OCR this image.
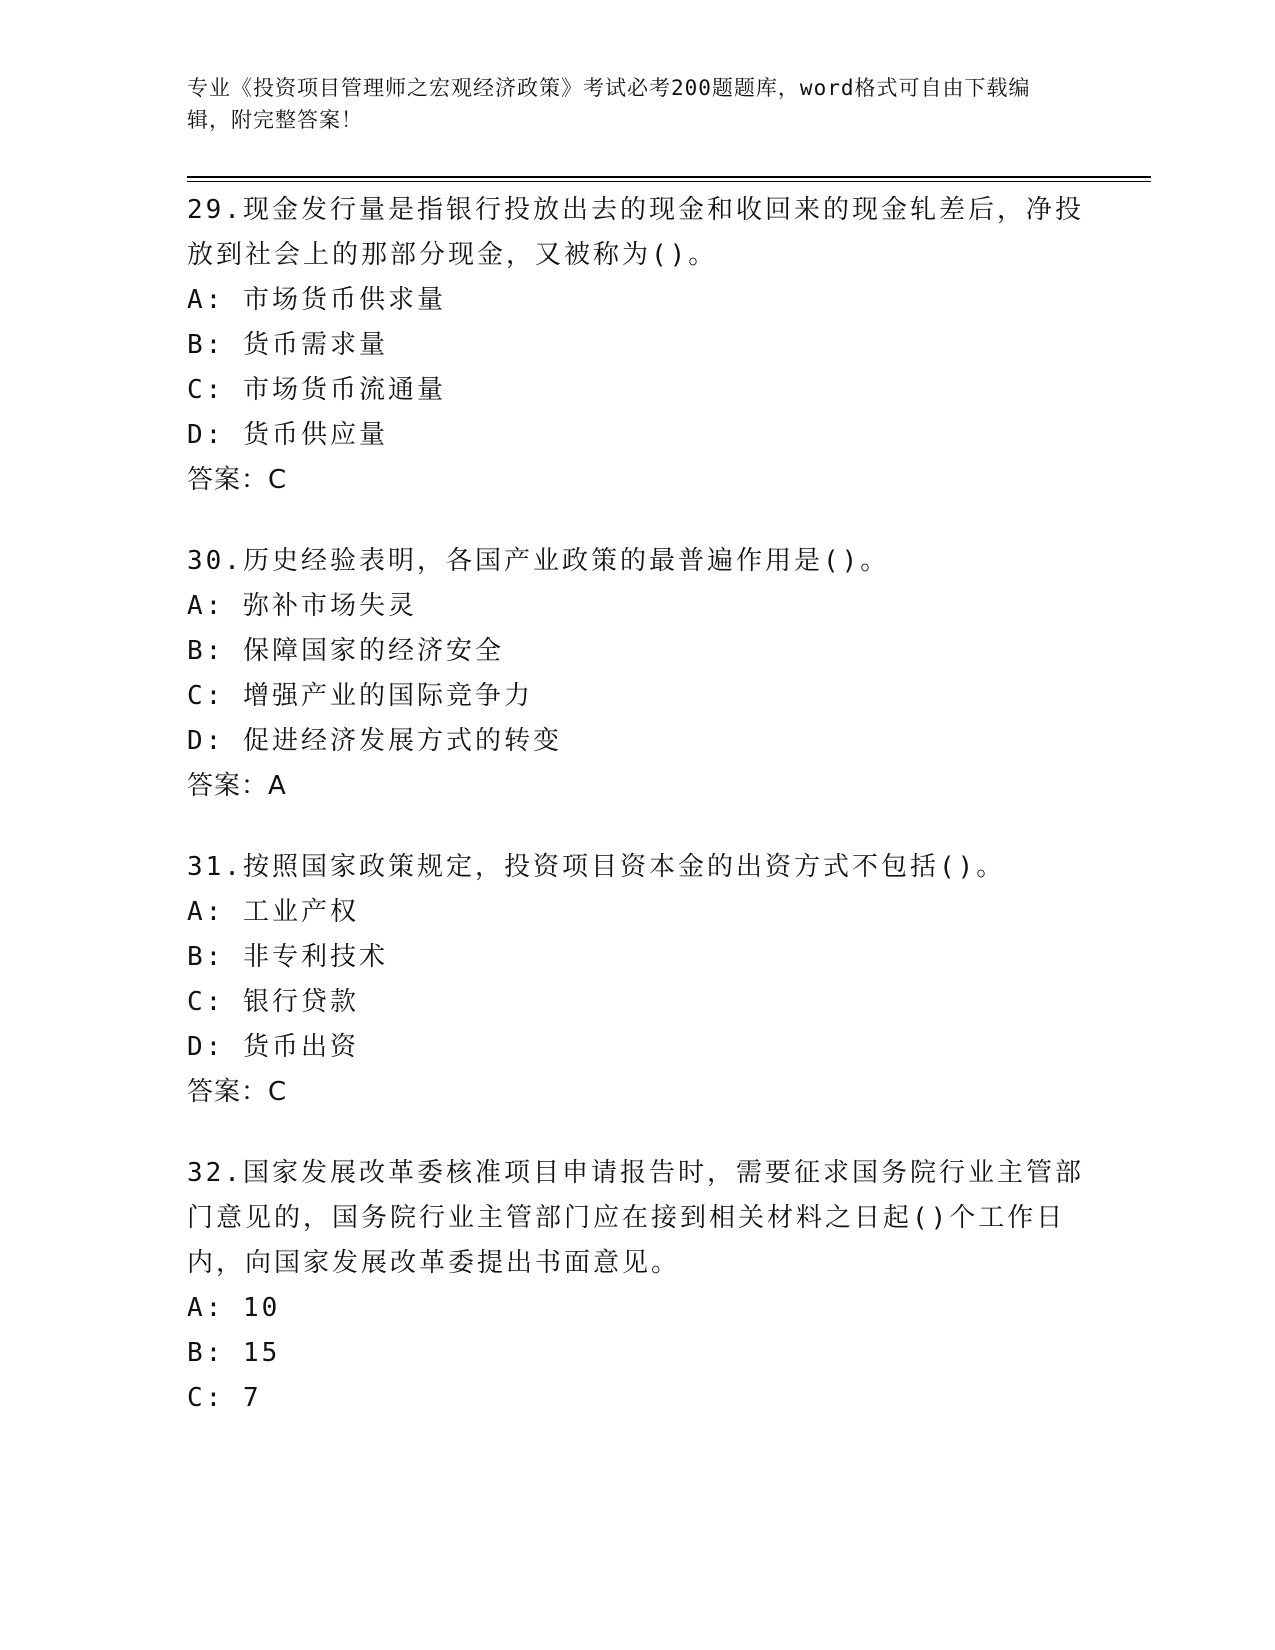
专业《投资项目管理师之宏观经济政策》考试必考200题题库，word格式可自由下载编辑，附完整答案！
29.现金发行量是指银行投放出去的现金和收回来的现金轧差后，净投放到社会上的那部分现金，又被称为()。
A: 市场货币供求量
B: 货币需求量
C: 市场货币流通量
D: 货币供应量
答案：C
30.历史经验表明，各国产业政策的最普遍作用是()。
A: 弥补市场失灵
B: 保障国家的经济安全
C: 增强产业的国际竞争力
D: 促进经济发展方式的转变
答案：A
31.按照国家政策规定，投资项目资本金的出资方式不包括()。
A: 工业产权
B: 非专利技术
C: 银行贷款
D: 货币出资
答案：C
32.国家发展改革委核准项目申请报告时，需要征求国务院行业主管部门意见的，国务院行业主管部门应在接到相关材料之日起()个工作日内，向国家发展改革委提出书面意见。
A: 10
B: 15
C: 7
